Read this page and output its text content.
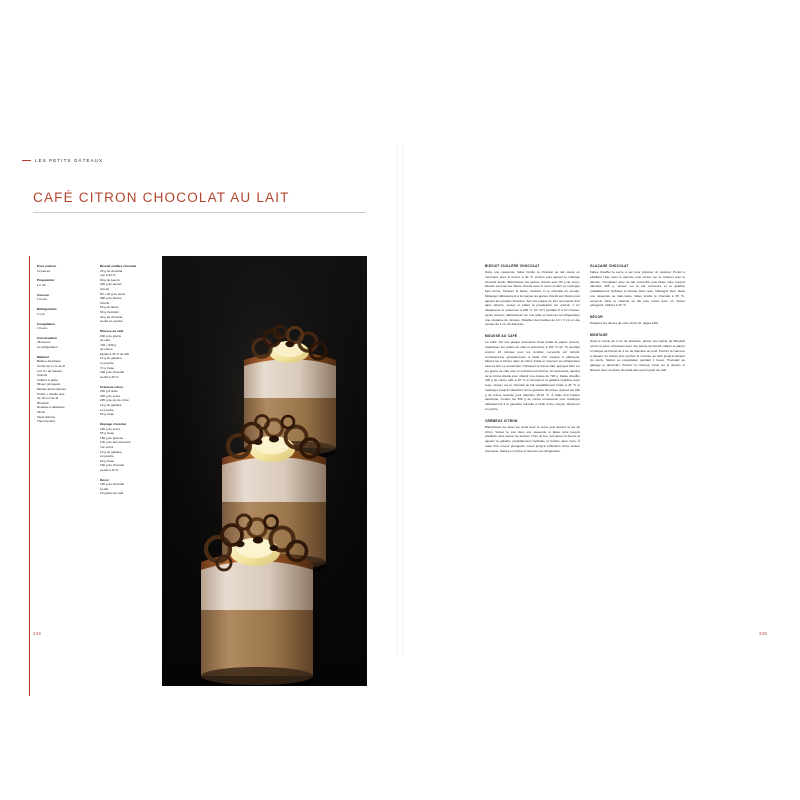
LES PETITS GÂTEAUX
CAFÉ CITRON CHOCOLAT AU LAIT
Pour environ
10 pièces
Préparation
1 h 30
Cuisson
1 heure
Réfrigération
1 nuit
Congélation
1 heure
Conservation
48 heures
au réfrigérateur
Matériel
Batteur électrique
Cercle de 1 cm de Ø
et 6 cm de hauteur
Chinois
Cuillère à glace
Mixeur plongeant
Moules demi-sphères
Poche + douille unie
de 10 mm de Ø
Rhodoïd
Rouleau à pâtisserie
Tamis
Tapis silicone
Thermomètre
Biscuit cuillère chocolat
25 g de chocolat
noir à 64 %
90 g de beurre
200 g de jaunes
d'œufs
80 + 40 g de sucre
380 g de blancs
d'œufs
60 g de farine
60 g d'amidon
40 g de chocolat
au lait en poudre
Mousse au café
200 g de grains
de café
720 + 500 g
de crème
liquide à 35 % de MG
12 g de gélatine
en poudre
72 g d'eau
400 g de chocolat
au lait à 40 %
Crémeux citron
250 g d'œufs
250 g de sucre
225 g de jus de citron
10 g de gélatine
en poudre
50 g d'eau
Glaçage chocolat
150 g de sucre
65 g d'eau
150 g de glucose
100 g de lait concentré
non sucré
10 g de gélatine
en poudre
60 g d'eau
150 g de chocolat
au lait à 40 %
Décor
150 g de chocolat
au lait
10 grains de café
346
BISCUIT CUILLÈRE CHOCOLAT
Dans une casserole, faites fondre le chocolat au lait coupé en morceaux avec le beurre à 40 °C environ puis ajoutez le mélange chocolat fondu. Blanchissez les jaunes d'œufs avec 80 g de sucre. Montez au fouet les blancs d'œufs avec le sucre restant en meringue bien ferme. Tamisez la farine, l'amidon et le chocolat en poudre. Mélangez délicatement à la maryse les jaunes d'œufs aux blancs puis ajoutez les poudres tamisées. Sur une plaque de four recouverte d'un tapis silicone, versez et étalez la préparation sur environ 1 cm d'épaisseur et enfournez à 200 °C (th. 6/7) pendant 8 à 10 minutes. Après cuisson, débarrassez sur une grille et réservez au réfrigérateur une vingtaine de minutes. Détaillez des bandes de 10 × 3 cm et des cercles de 1 cm de diamètre.
MOUSSE AU CAFÉ
La veille. Sur une plaque recouverte d'une feuille de papier cuisson, répartissez les grains de café et enfournez à 150 °C (th. 5) pendant environ 10 minutes pour les torréfier. Lorsqu'ils ont refroidi, concassez-les grossièrement à l'aide d'un rouleau à pâtisserie. Mettez-les à infuser dans la crème froide et réservez au réfrigérateur toute la nuit. Le lendemain. Chinoisez la crème café, appuyez bien sur les grains de café pour en extraire tout l'arôme. Si nécessaire, ajoutez de la crème liquide pour obtenir une masse de 720 g. Faites chauffer 400 g de crème café à 45 °C et incorporez la gélatine hydratée avec l'eau. Versez sur le chocolat au lait préalablement fondu à 40 °C et mélangez jusqu'à l'obtention d'une ganache bien lisse. Ajoutez les 320 g de crème restante pour atteindre 16-18 °C. À l'aide d'un batteur électrique, montez les 500 g de crème mousseuse puis mélangez délicatement à la ganache refroidie à l'aide d'une maryse. Réservez en poche.
CRÉMEUX CITRON
Blanchissez les fouet les œufs avec le sucre puis ajoutez le jus de citron. Versez le tout dans une casserole et faites cuire jusqu'à ébullition sans cesser de fouetter. Hors du feu, incorporez la beurre et ajoutez la gélatine préalablement hydratée et fondue dans l'eau. À l'aide d'un mixeur plongeant, mixez jusqu'à l'obtention d'une texture crémeuse. Mettez en poche et réservez au réfrigérateur.
GLAÇAGE CHOCOLAT
Faites chauffer le sucre à sec pour préparer un caramel. Portez à ébullition l'eau avec le glucose puis versez sur le caramel pour le décuire. Complétez avec du lait concentré puis faites cuire jusqu'à atteindre 265 g. Versez sur le lait concentré et la gélatine préalablement hydratée et fondue dans l'eau. Mélangez bien. Dans une casserole au bain-marie, faites fondre le chocolat à 35 °C, versez-le dans le caramel au lait puis mixez avec un mixeur plongeant. Utilisez à 30 °C.
DÉCOR
Préparez les décors de votre choix (cf. pages 160).
MONTAGE
Dans le cercle de 3 cm de diamètre, placez une bande de Rhodoïd contre la paroi. Chemisez avec une bande de biscuit cuillère et placez un disque de biscuit de 1 cm de diamètre au fond. Pochez la crémeux à hauteur du biscuit puis pochez la mousse au café jusqu'à hauteur du cercle. Mettez au congélateur pendant 1 heure. Procédez au glaçage et décerclez. Pochez la crémeux citron sur le dessus et finissez avec un décor chocolat ainsi qu'un grain de café.
348
